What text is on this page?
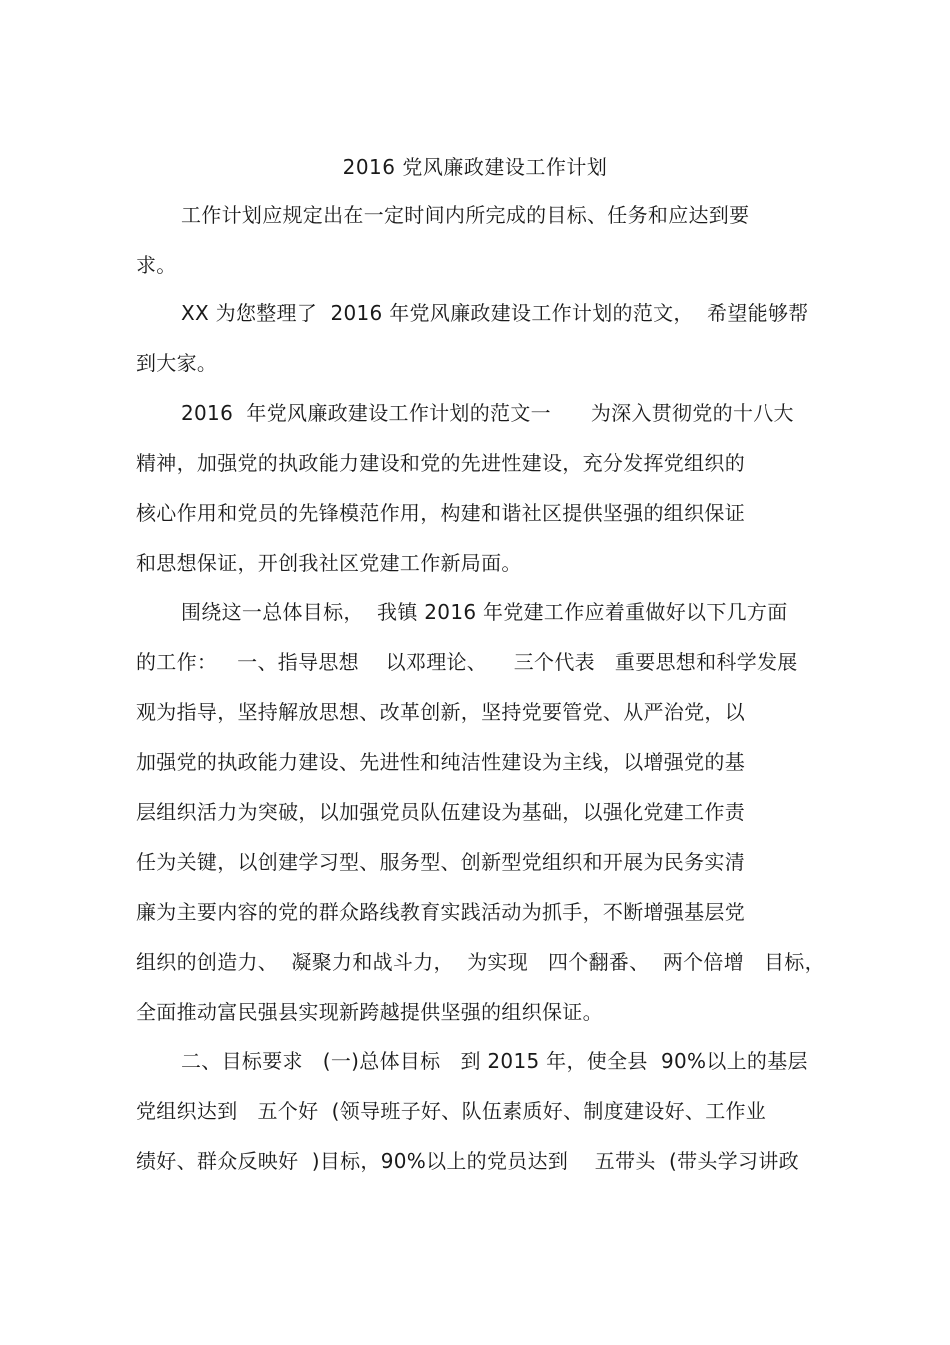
2016 党风廉政建设工作计划
工作计划应规定出在一定时间内所完成的目标、任务和应达到要
求。
XX 为您整理了  2016 年党风廉政建设工作计划的范文，  希望能够帮
到大家。
2016  年党风廉政建设工作计划的范文一      为深入贯彻党的十八大
精神，加强党的执政能力建设和党的先进性建设，充分发挥党组织的
核心作用和党员的先锋模范作用，构建和谐社区提供坚强的组织保证
和思想保证，开创我社区党建工作新局面。
围绕这一总体目标，  我镇 2016 年党建工作应着重做好以下几方面
的工作：   一、指导思想    以邓理论、    三个代表   重要思想和科学发展
观为指导，坚持解放思想、改革创新，坚持党要管党、从严治党，以
加强党的执政能力建设、先进性和纯洁性建设为主线，以增强党的基
层组织活力为突破，以加强党员队伍建设为基础，以强化党建工作责
任为关键，以创建学习型、服务型、创新型党组织和开展为民务实清
廉为主要内容的党的群众路线教育实践活动为抓手，不断增强基层党
组织的创造力、  凝聚力和战斗力，  为实现   四个翻番、  两个倍增   目标，
全面推动富民强县实现新跨越提供坚强的组织保证。
二、目标要求   (一)总体目标   到 2015 年，使全县  90%以上的基层
党组织达到   五个好  (领导班子好、队伍素质好、制度建设好、工作业
绩好、群众反映好  )目标，90%以上的党员达到    五带头  (带头学习讲政
